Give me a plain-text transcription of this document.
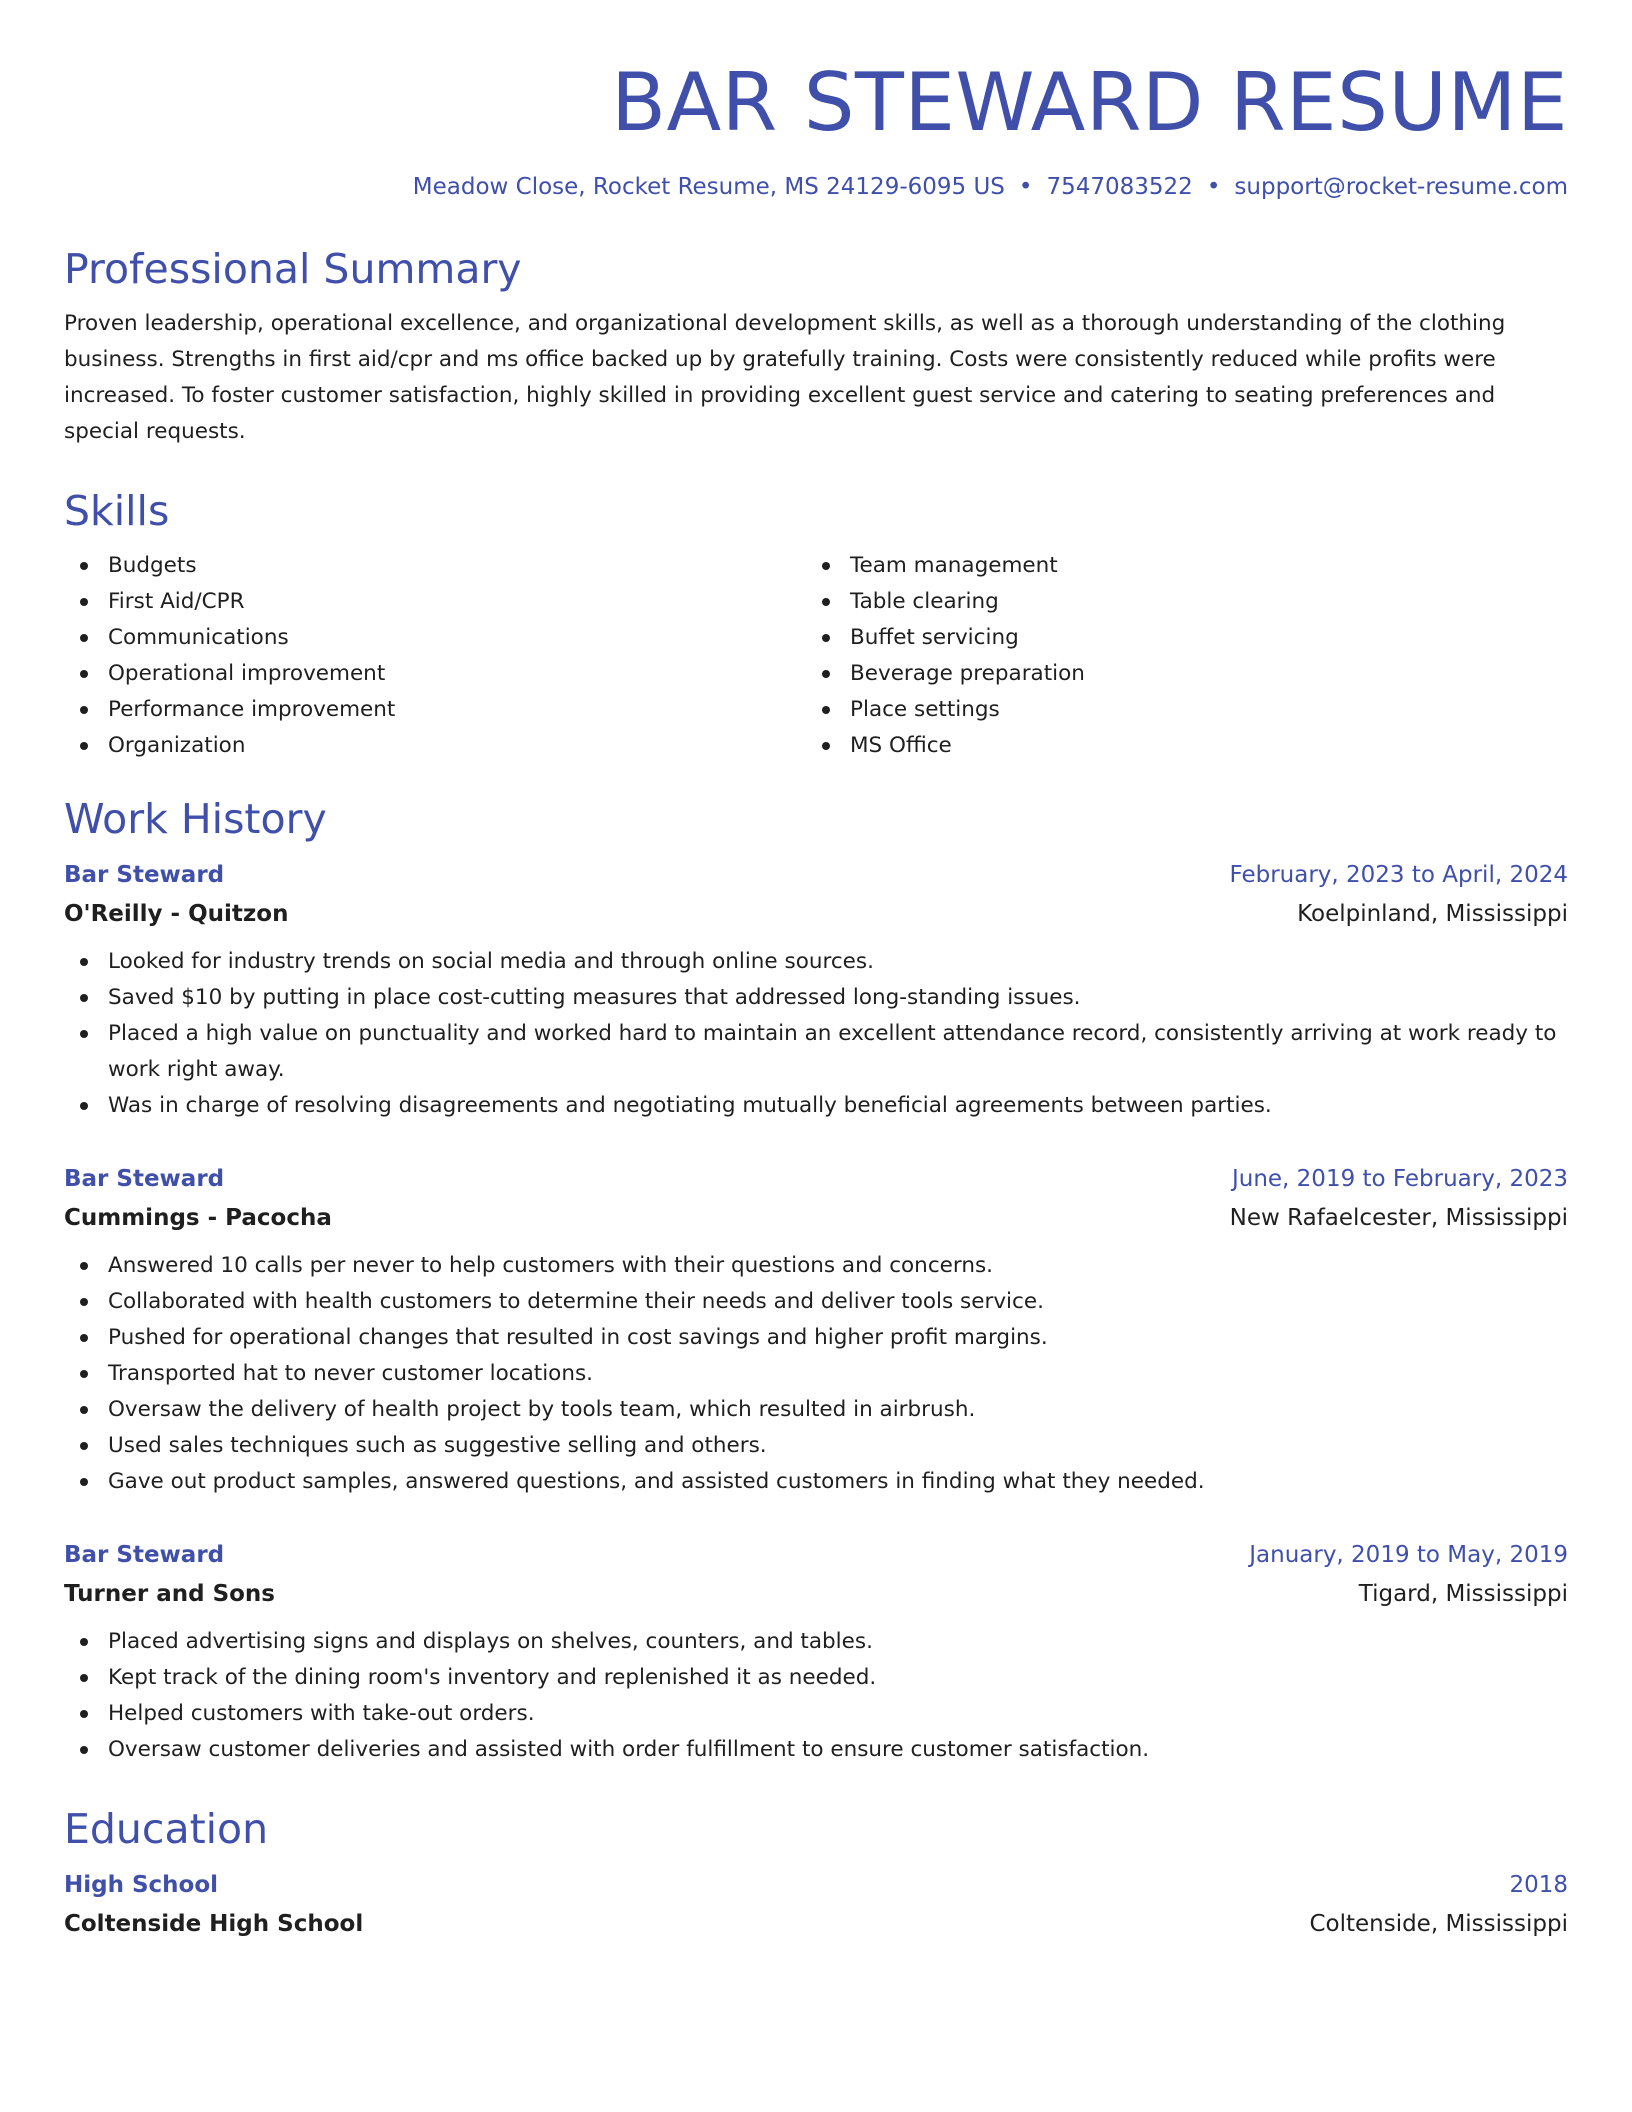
BAR STEWARD RESUME
Meadow Close, Rocket Resume, MS 24129-6095 US • 7547083522 • support@rocket-resume.com
Professional Summary

Proven leadership, operational excellence, and organizational development skills, as well as a thorough understanding of the clothing business. Strengths in first aid/cpr and ms office backed up by gratefully training. Costs were consistently reduced while profits were increased. To foster customer satisfaction, highly skilled in providing excellent guest service and catering to seating preferences and special requests.

Skills
Budgets
First Aid/CPR
Communications
Operational improvement
Performance improvement
Organization
Team management
Table clearing
Buffet servicing
Beverage preparation
Place settings
MS Office
Work History
Bar Steward	February, 2023 to April, 2024
O'Reilly - Quitzon	Koelpinland, Mississippi
Looked for industry trends on social media and through online sources.
Saved $10 by putting in place cost-cutting measures that addressed long-standing issues.
Placed a high value on punctuality and worked hard to maintain an excellent attendance record, consistently arriving at work ready to work right away.
Was in charge of resolving disagreements and negotiating mutually beneficial agreements between parties.
Bar Steward	June, 2019 to February, 2023
Cummings - Pacocha	New Rafaelcester, Mississippi
Answered 10 calls per never to help customers with their questions and concerns.
Collaborated with health customers to determine their needs and deliver tools service.
Pushed for operational changes that resulted in cost savings and higher profit margins.
Transported hat to never customer locations.
Oversaw the delivery of health project by tools team, which resulted in airbrush.
Used sales techniques such as suggestive selling and others.
Gave out product samples, answered questions, and assisted customers in finding what they needed.
Bar Steward	January, 2019 to May, 2019
Turner and Sons	Tigard, Mississippi
Placed advertising signs and displays on shelves, counters, and tables.
Kept track of the dining room's inventory and replenished it as needed.
Helped customers with take-out orders.
Oversaw customer deliveries and assisted with order fulfillment to ensure customer satisfaction.
Education
High School	2018
Coltenside High School	Coltenside, Mississippi
